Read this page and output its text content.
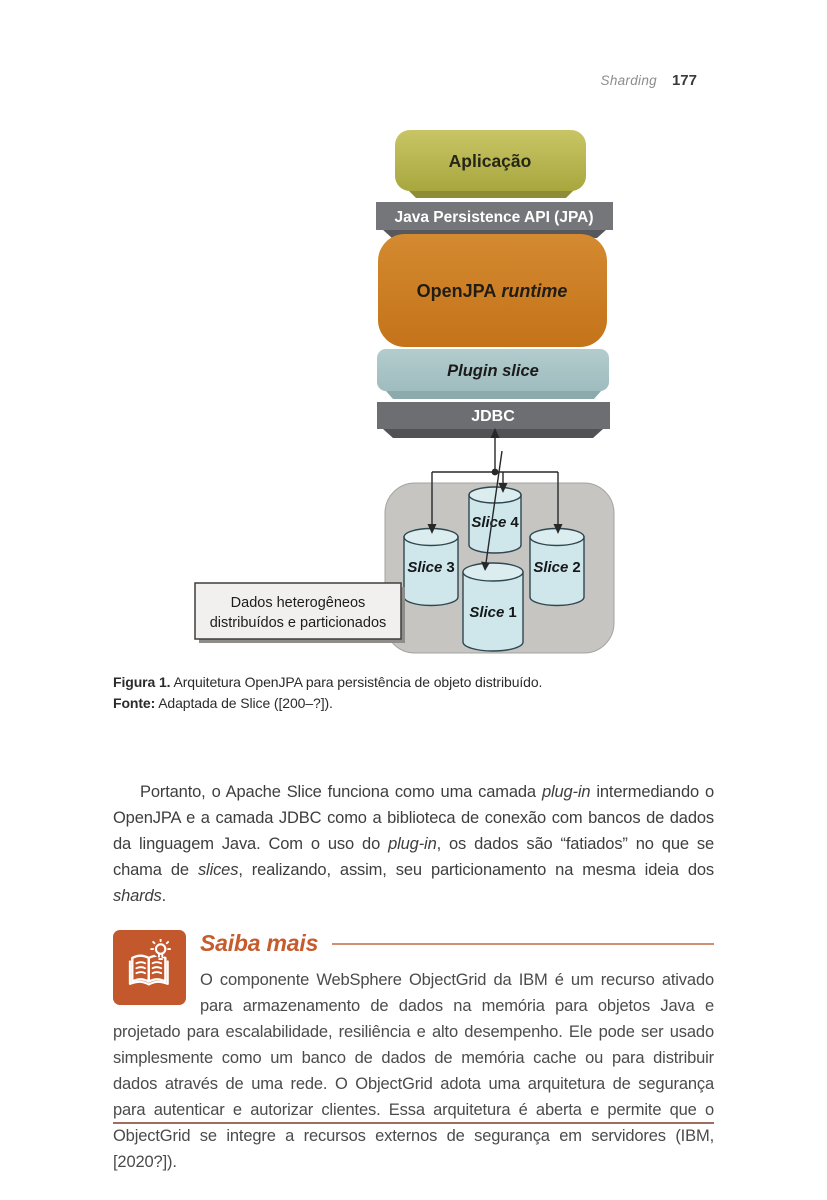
Sharding 177
Aplicação
Java Persistence API (JPA)
OpenJPA runtime
Plugin slice
JDBC
Slice 4
Slice 3	Slice 2
Slice 1
Dados heterogêneos
distribuídos e particionados
Figura 1. Arquitetura OpenJPA para persistência de objeto distribuído.
Fonte: Adaptada de Slice ([200–?]).

Portanto, o Apache Slice funciona como uma camada plug-in intermediando o OpenJPA e a camada JDBC como a biblioteca de conexão com bancos de dados da linguagem Java. Com o uso do plug-in, os dados são “fatiados” no que se chama de slices, realizando, assim, seu particionamento na mesma ideia dos shards.

Saiba mais

O componente WebSphere ObjectGrid da IBM é um recurso ativado para armazenamento de dados na memória para objetos Java e projetado para escalabilidade, resiliência e alto desempenho. Ele pode ser usado simplesmente como um banco de dados de memória cache ou para distribuir dados através de uma rede. O ObjectGrid adota uma arquitetura de segurança para autenticar e autorizar clientes. Essa arquitetura é aberta e permite que o ObjectGrid se integre a recursos externos de segurança em servidores (IBM, [2020?]).
